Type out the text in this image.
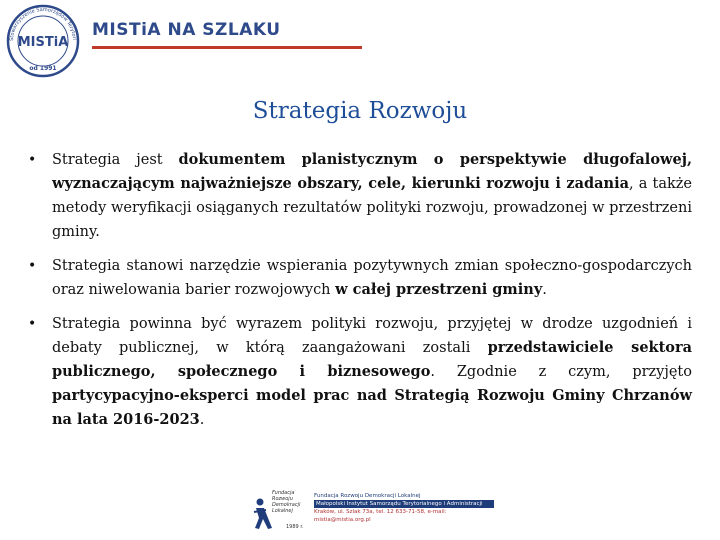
Stowarzyszenie Samorządów Terytori
MISTiA
od 1991
MISTiA NA SZLAKU
Strategia Rozwoju
• Strategia jest dokumentem planistycznym o perspektywie długofalowej, wyznaczającym najważniejsze obszary, cele, kierunki rozwoju i zadania, a także metody weryfikacji osiąganych rezultatów polityki rozwoju, prowadzonej w przestrzeni gminy.
• Strategia stanowi narzędzie wspierania pozytywnych zmian społeczno-gospodarczych oraz niwelowania barier rozwojowych w całej przestrzeni gminy.
• Strategia powinna być wyrazem polityki rozwoju, przyjętej w drodze uzgodnień i debaty publicznej, w którą zaangażowani zostali przedstawiciele sektora publicznego, społecznego i biznesowego. Zgodnie z czym, przyjęto partycypacyjno-eksperci model prac nad Strategią Rozwoju Gminy Chrzanów na lata 2016-2023.
Fundacja Rozwoju Demokracji Lokalnej
1989 r.
Fundacja Rozwoju Demokracji Lokalnej
Małopolski Instytut Samorządu Terytorialnego i Administracji
Kraków, ul. Szlak 73a, tel. 12 633-71-58, e-mail: mistia@mistia.org.pl
